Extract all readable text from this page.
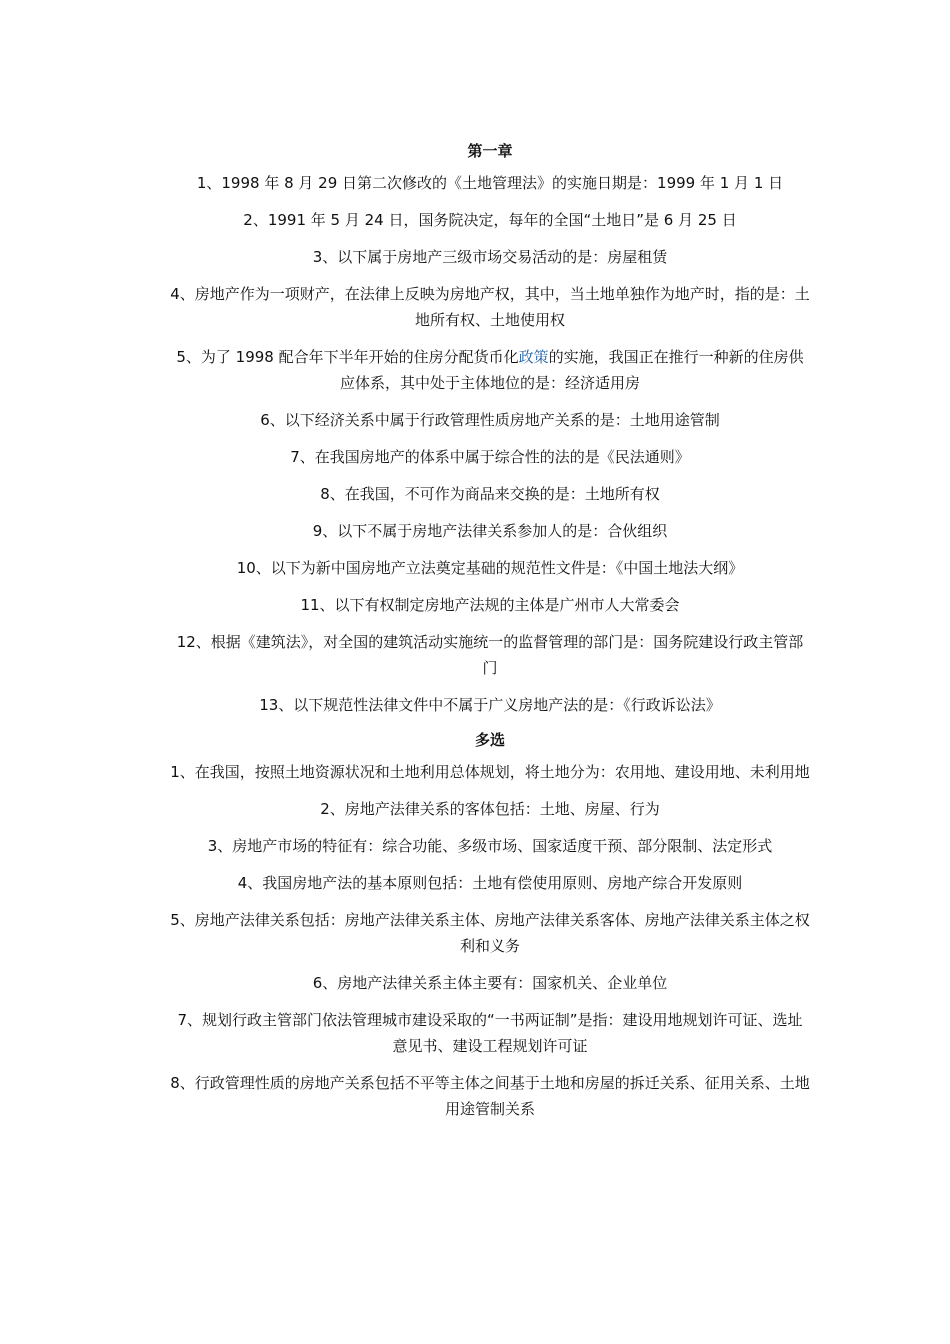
第一章

1、1998 年 8 月 29 日第二次修改的《土地管理法》的实施日期是：1999 年 1 月 1 日

2、1991 年 5 月 24 日，国务院决定，每年的全国“土地日”是 6 月 25 日

3、以下属于房地产三级市场交易活动的是：房屋租赁

4、房地产作为一项财产，在法律上反映为房地产权，其中，当土地单独作为地产时，指的是：土地所有权、土地使用权

5、为了 1998 配合年下半年开始的住房分配货币化政策的实施，我国正在推行一种新的住房供应体系，其中处于主体地位的是：经济适用房

6、以下经济关系中属于行政管理性质房地产关系的是：土地用途管制

7、在我国房地产的体系中属于综合性的法的是《民法通则》

8、在我国，不可作为商品来交换的是：土地所有权

9、以下不属于房地产法律关系参加人的是：合伙组织

10、以下为新中国房地产立法奠定基础的规范性文件是：《中国土地法大纲》

11、以下有权制定房地产法规的主体是广州市人大常委会

12、根据《建筑法》，对全国的建筑活动实施统一的监督管理的部门是：国务院建设行政主管部门

13、以下规范性法律文件中不属于广义房地产法的是：《行政诉讼法》

多选

1、在我国，按照土地资源状况和土地利用总体规划，将土地分为：农用地、建设用地、未利用地

2、房地产法律关系的客体包括：土地、房屋、行为

3、房地产市场的特征有：综合功能、多级市场、国家适度干预、部分限制、法定形式

4、我国房地产法的基本原则包括：土地有偿使用原则、房地产综合开发原则

5、房地产法律关系包括：房地产法律关系主体、房地产法律关系客体、房地产法律关系主体之权利和义务

6、房地产法律关系主体主要有：国家机关、企业单位

7、规划行政主管部门依法管理城市建设采取的“一书两证制”是指：建设用地规划许可证、选址意见书、建设工程规划许可证

8、行政管理性质的房地产关系包括不平等主体之间基于土地和房屋的拆迁关系、征用关系、土地用途管制关系
